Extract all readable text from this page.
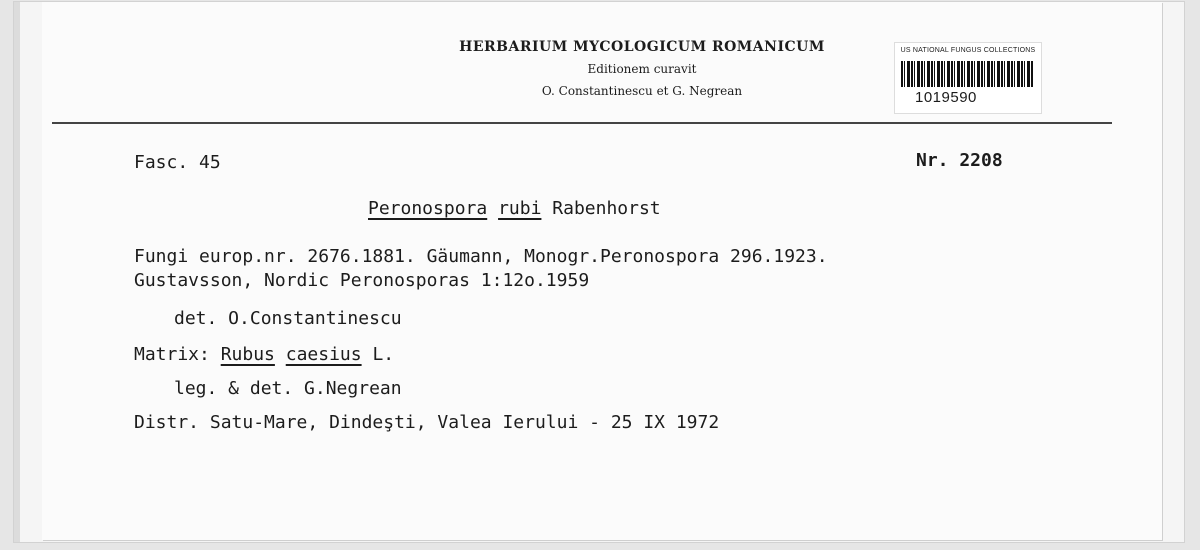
HERBARIUM MYCOLOGICUM ROMANICUM
Editionem curavit
O. Constantinescu et G. Negrean
US NATIONAL FUNGUS COLLECTIONS
1019590
Fasc. 45	Nr. 2208
Peronospora rubi Rabenhorst
Fungi europ.nr. 2676.1881. Gäumann, Monogr.Peronospora 296.1923.
Gustavsson, Nordic Peronosporas 1:12o.1959
det. O.Constantinescu
Matrix: Rubus caesius L.
leg. & det. G.Negrean
Distr. Satu-Mare, Dindeşti, Valea Ierului - 25 IX 1972
